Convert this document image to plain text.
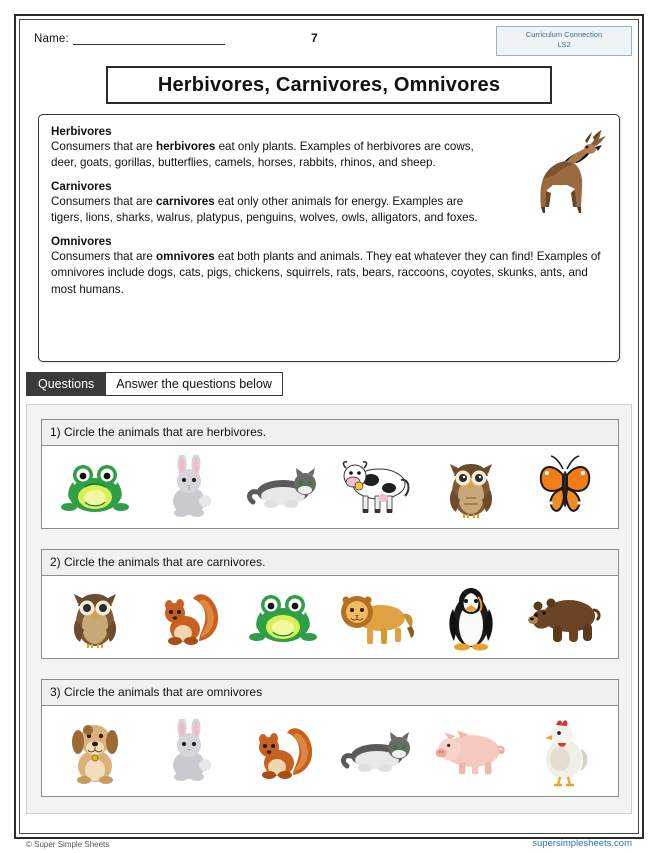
Name:	7	Curriculum Connection
LS2
Herbivores, Carnivores, Omnivores
Herbivores

Consumers that are herbivores eat only plants. Examples of herbivores are cows, deer, goats, gorillas, butterflies, camels, horses, rabbits, rhinos, and sheep.

Carnivores

Consumers that are carnivores eat only other animals for energy. Examples are tigers, lions, sharks, walrus, platypus, penguins, wolves, owls, alligators, and foxes.

Omnivores

Consumers that are omnivores eat both plants and animals. They eat whatever they can find! Examples of omnivores include dogs, cats, pigs, chickens, squirrels, rats, bears, raccoons, coyotes, skunks, ants, and most humans.

Questions	Answer the questions below
1) Circle the animals that are herbivores.
2) Circle the animals that are carnivores.
3) Circle the animals that are omnivores
© Super Simple Sheets	supersimplesheets.com
